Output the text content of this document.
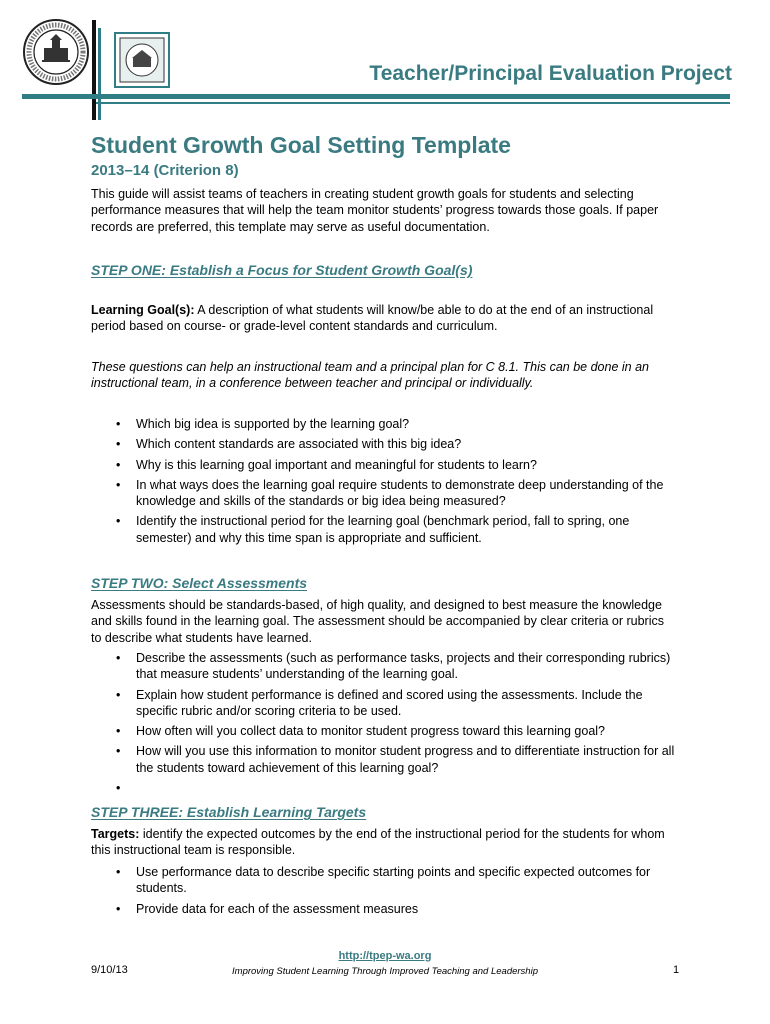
Teacher/Principal Evaluation Project
Student Growth Goal Setting Template
2013–14 (Criterion 8)
This guide will assist teams of teachers in creating student growth goals for students and selecting performance measures that will help the team monitor students’ progress towards those goals. If paper records are preferred, this template may serve as useful documentation.
STEP ONE: Establish a Focus for Student Growth Goal(s)
Learning Goal(s): A description of what students will know/be able to do at the end of an instructional period based on course- or grade-level content standards and curriculum.
These questions can help an instructional team and a principal plan for C 8.1. This can be done in an instructional team, in a conference between teacher and principal or individually.
• Which big idea is supported by the learning goal?
• Which content standards are associated with this big idea?
• Why is this learning goal important and meaningful for students to learn?
• In what ways does the learning goal require students to demonstrate deep understanding of the knowledge and skills of the standards or big idea being measured?
• Identify the instructional period for the learning goal (benchmark period, fall to spring, one semester) and why this time span is appropriate and sufficient.
STEP TWO: Select Assessments
Assessments should be standards-based, of high quality, and designed to best measure the knowledge and skills found in the learning goal. The assessment should be accompanied by clear criteria or rubrics to describe what students have learned.
• Describe the assessments (such as performance tasks, projects and their corresponding rubrics) that measure students’ understanding of the learning goal.
• Explain how student performance is defined and scored using the assessments. Include the specific rubric and/or scoring criteria to be used.
• How often will you collect data to monitor student progress toward this learning goal?
• How will you use this information to monitor student progress and to differentiate instruction for all the students toward achievement of this learning goal?
•
STEP THREE: Establish Learning Targets
Targets: identify the expected outcomes by the end of the instructional period for the students for whom this instructional team is responsible.
• Use performance data to describe specific starting points and specific expected outcomes for students.
• Provide data for each of the assessment measures
http://tpep-wa.org
9/10/13	Improving Student Learning Through Improved Teaching and Leadership	1
